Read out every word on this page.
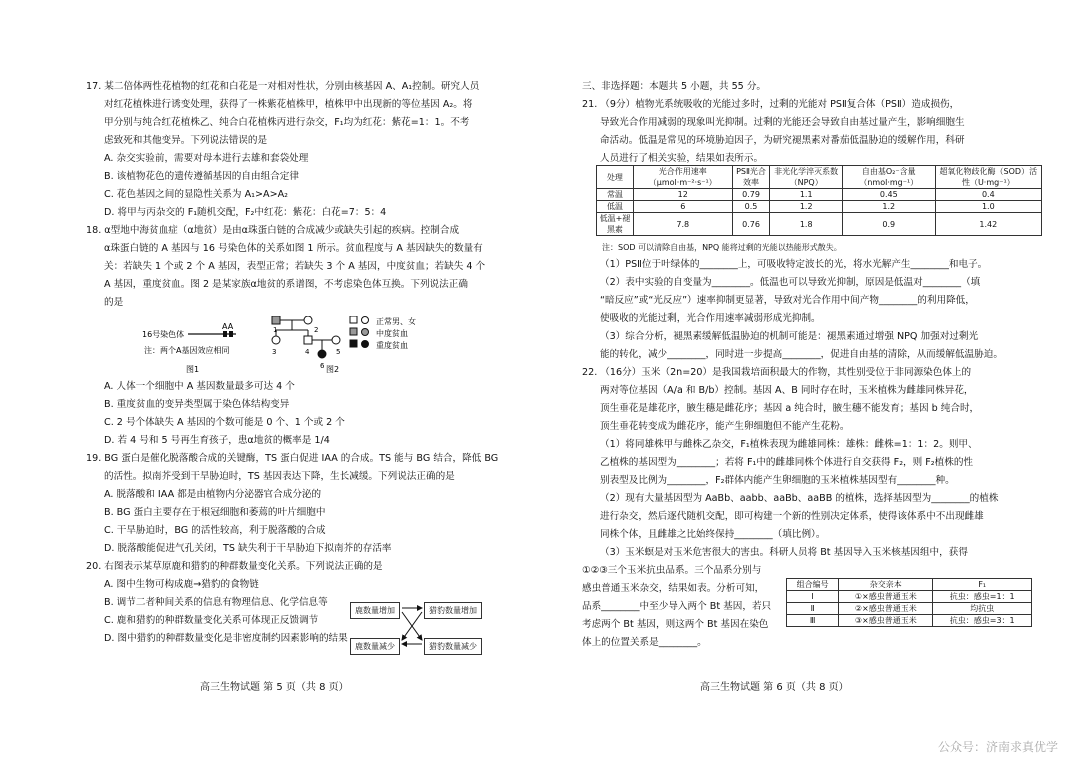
17. 某二倍体两性花植物的红花和白花是一对相对性状，分别由核基因 A、A₁控制。研究人员

对红花植株进行诱变处理，获得了一株紫花植株甲，植株甲中出现新的等位基因 A₂。将

甲分别与纯合红花植株乙、纯合白花植株丙进行杂交，F₁均为红花：紫花=1：1。不考

虑致死和其他变异。下列说法错误的是

A. 杂交实验前，需要对母本进行去雄和套袋处理

B. 该植物花色的遗传遵循基因的自由组合定律

C. 花色基因之间的显隐性关系为 A₁>A>A₂

D. 将甲与丙杂交的 F₁随机交配，F₂中红花：紫花：白花=7：5：4

18. α型地中海贫血症（α地贫）是由α珠蛋白链的合成减少或缺失引起的疾病。控制合成

α珠蛋白链的 A 基因与 16 号染色体的关系如图 1 所示。贫血程度与 A 基因缺失的数量有

关：若缺失 1 个或 2 个 A 基因，表型正常；若缺失 3 个 A 基因，中度贫血；若缺失 4 个

A 基因，重度贫血。图 2 是某家族α地贫的系谱图，不考虑染色体互换。下列说法正确

的是

16号染色体
AA
注：两个A基因效应相同
1	2
3	4	5
6
正常男、女
中度贫血
重度贫血
图1	图2

A. 人体一个细胞中 A 基因数量最多可达 4 个

B. 重度贫血的变异类型属于染色体结构变异

C. 2 号个体缺失 A 基因的个数可能是 0 个、1 个或 2 个

D. 若 4 号和 5 号再生育孩子，患α地贫的概率是 1/4

19. BG 蛋白是催化脱落酸合成的关键酶，TS 蛋白促进 IAA 的合成。TS 能与 BG 结合，降低 BG

的活性。拟南芥受到干旱胁迫时，TS 基因表达下降，生长减缓。下列说法正确的是

A. 脱落酸和 IAA 都是由植物内分泌器官合成分泌的

B. BG 蛋白主要存在于根冠细胞和萎蔫的叶片细胞中

C. 干旱胁迫时，BG 的活性较高，利于脱落酸的合成

D. 脱落酸能促进气孔关闭，TS 缺失利于干旱胁迫下拟南芥的存活率

20. 右图表示某草原鹿和猎豹的种群数量变化关系。下列说法正确的是

A. 图中生物可构成鹿→猎豹的食物链

B. 调节二者种间关系的信息有物理信息、化学信息等

C. 鹿和猎豹的种群数量变化关系可体现正反馈调节

D. 图中猎豹的种群数量变化是非密度制约因素影响的结果

鹿数量增加	猎豹数量增加
鹿数量减少	猎豹数量减少
高三生物试题 第 5 页（共 8 页）

三、非选择题：本题共 5 小题，共 55 分。

21. （9分）植物光系统吸收的光能过多时，过剩的光能对 PSⅡ复合体（PSⅡ）造成损伤，

导致光合作用减弱的现象叫光抑制。过剩的光能还会导致自由基过量产生，影响细胞生

命活动。低温是常见的环境胁迫因子，为研究褪黑素对番茄低温胁迫的缓解作用，科研

人员进行了相关实验，结果如表所示。

处理	光合作用速率（μmol·m⁻²·s⁻¹）	PSⅡ光合效率	非光化学淬灭系数（NPQ）	自由基O₂⁻含量（nmol·mg⁻¹）	超氧化物歧化酶（SOD）活性（U·mg⁻¹）
常温	12	0.79	1.1	0.45	0.4
低温	6	0.5	1.2	1.2	1.0
低温+褪黑素	7.8	0.76	1.8	0.9	1.42

注：SOD 可以清除自由基，NPQ 能将过剩的光能以热能形式散失。

（1）PSⅡ位于叶绿体的________上，可吸收特定波长的光，将水光解产生________和电子。

（2）表中实验的自变量为________。低温也可以导致光抑制，原因是低温对________（填

“暗反应”或“光反应”）速率抑制更显著，导致对光合作用中间产物________的利用降低，

使吸收的光能过剩，光合作用速率减弱形成光抑制。

（3）综合分析，褪黑素缓解低温胁迫的机制可能是：褪黑素通过增强 NPQ 加强对过剩光

能的转化，减少________，同时进一步提高________，促进自由基的清除，从而缓解低温胁迫。

22. （16分）玉米（2n=20）是我国栽培面积最大的作物，其性别受位于非同源染色体上的

两对等位基因（A/a 和 B/b）控制。基因 A、B 同时存在时，玉米植株为雌雄同株异花，

顶生垂花是雄花序，腋生穗是雌花序；基因 a 纯合时，腋生穗不能发育；基因 b 纯合时，

顶生垂花转变成为雌花序，能产生卵细胞但不能产生花粉。

（1）将同雄株甲与雌株乙杂交，F₁植株表现为雌雄同株：雄株：雌株=1：1：2。则甲、

乙植株的基因型为________；若将 F₁中的雌雄同株个体进行自交获得 F₂，则 F₂植株的性

别表型及比例为________，F₂群体内能产生卵细胞的玉米植株基因型有________种。

（2）现有大量基因型为 AaBb、aabb、aaBb、aaBB 的植株，选择基因型为________的植株

进行杂交，然后逐代随机交配，即可构建一个新的性别决定体系，使得该体系中不出现雌雄

同株个体，且雌雄之比始终保持________（填比例）。

（3）玉米螟是对玉米危害很大的害虫。科研人员将 Bt 基因导入玉米核基因组中，获得

①②③三个玉米抗虫品系。三个品系分别与

感虫普通玉米杂交，结果如表。分析可知，

品系________中至少导入两个 Bt 基因，若只

考虑两个 Bt 基因，则这两个 Bt 基因在染色

体上的位置关系是________。

组合编号	杂交亲本	F₁
Ⅰ	①×感虫普通玉米	抗虫：感虫=1：1
Ⅱ	②×感虫普通玉米	均抗虫
Ⅲ	③×感虫普通玉米	抗虫：感虫=3：1
高三生物试题 第 6 页（共 8 页）
公众号：济南求真优学
